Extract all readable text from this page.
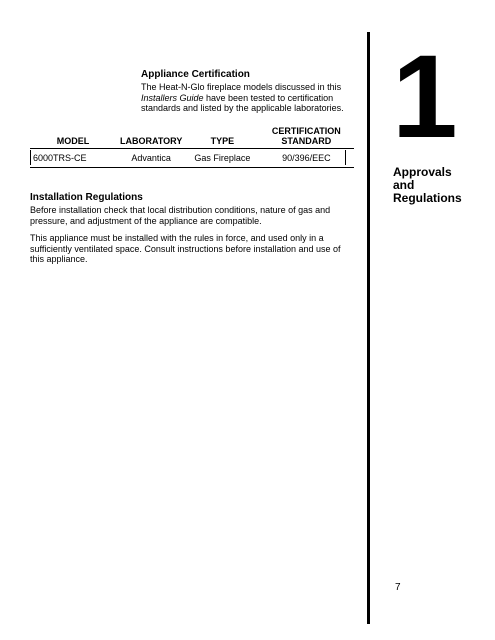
Appliance Certification
The Heat-N-Glo fireplace models discussed in this
Installers Guide have been tested to certification
standards and listed by the applicable laboratories.
MODEL	LABORATORY	TYPE	CERTIFICATION
STANDARD

6000TRS-CE	Advantica	Gas Fireplace	90/396/EEC
Installation Regulations
Before installation check that local distribution conditions, nature of gas and
pressure, and adjustment of the appliance are compatible.
This appliance must be installed with the rules in force, and used only in a
sufficiently ventilated space. Consult instructions before installation and use of
this appliance.
1
Approvals
and
Regulations
7
